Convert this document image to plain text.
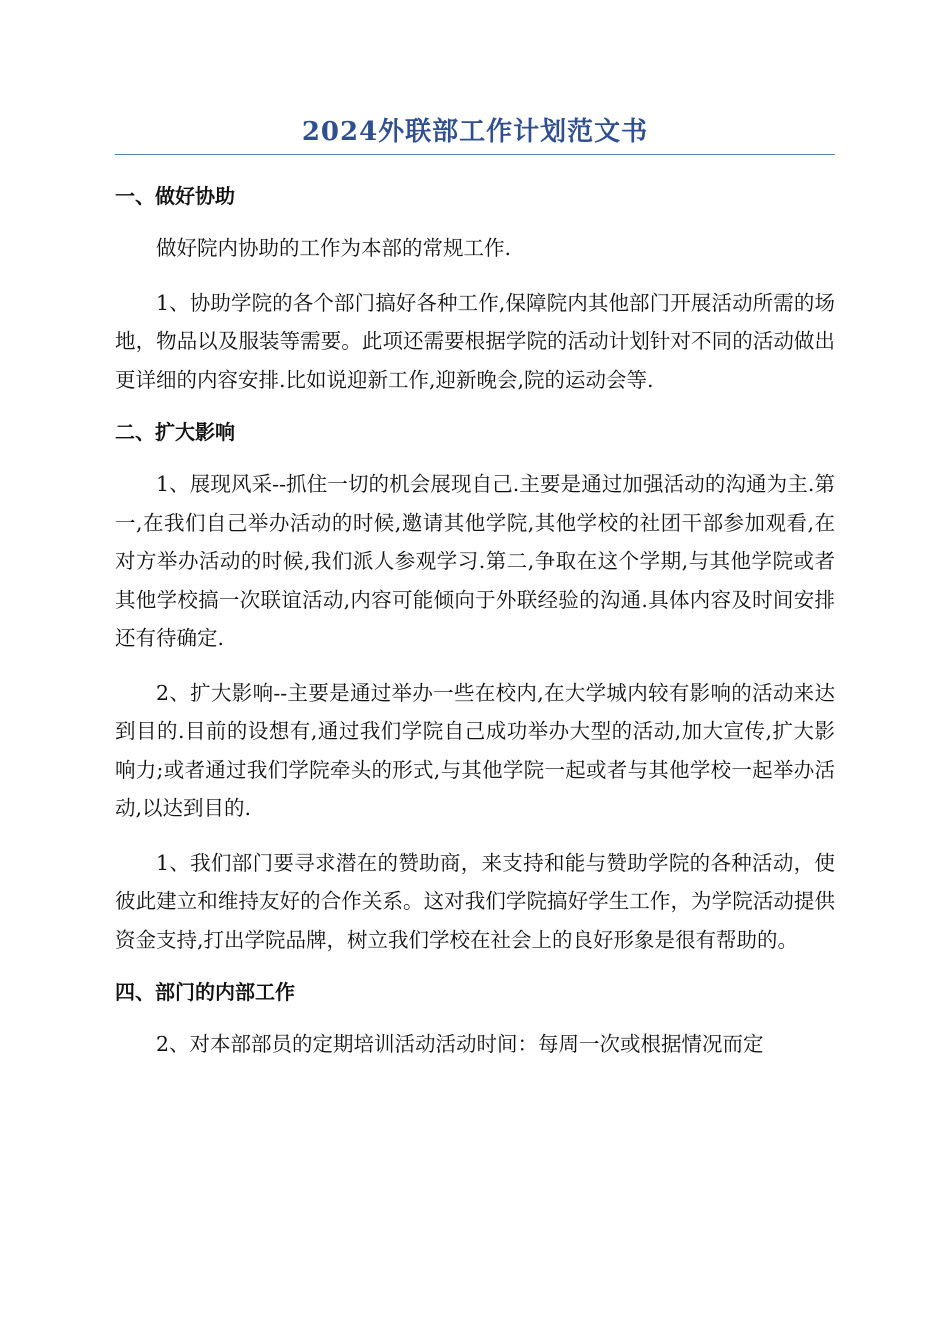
2024外联部工作计划范文书
一、做好协助

做好院内协助的工作为本部的常规工作.

1、协助学院的各个部门搞好各种工作,保障院内其他部门开展活动所需的场地，物品以及服装等需要。此项还需要根据学院的活动计划针对不同的活动做出更详细的内容安排.比如说迎新工作,迎新晚会,院的运动会等.

二、扩大影响

1、展现风采--抓住一切的机会展现自己.主要是通过加强活动的沟通为主.第一,在我们自己举办活动的时候,邀请其他学院,其他学校的社团干部参加观看,在对方举办活动的时候,我们派人参观学习.第二,争取在这个学期,与其他学院或者其他学校搞一次联谊活动,内容可能倾向于外联经验的沟通.具体内容及时间安排还有待确定.

2、扩大影响--主要是通过举办一些在校内,在大学城内较有影响的活动来达到目的.目前的设想有,通过我们学院自己成功举办大型的活动,加大宣传,扩大影响力;或者通过我们学院牵头的形式,与其他学院一起或者与其他学校一起举办活动,以达到目的.

1、我们部门要寻求潜在的赞助商，来支持和能与赞助学院的各种活动，使彼此建立和维持友好的合作关系。这对我们学院搞好学生工作，为学院活动提供资金支持,打出学院品牌，树立我们学校在社会上的良好形象是很有帮助的。

四、部门的内部工作

2、对本部部员的定期培训活动活动时间：每周一次或根据情况而定
